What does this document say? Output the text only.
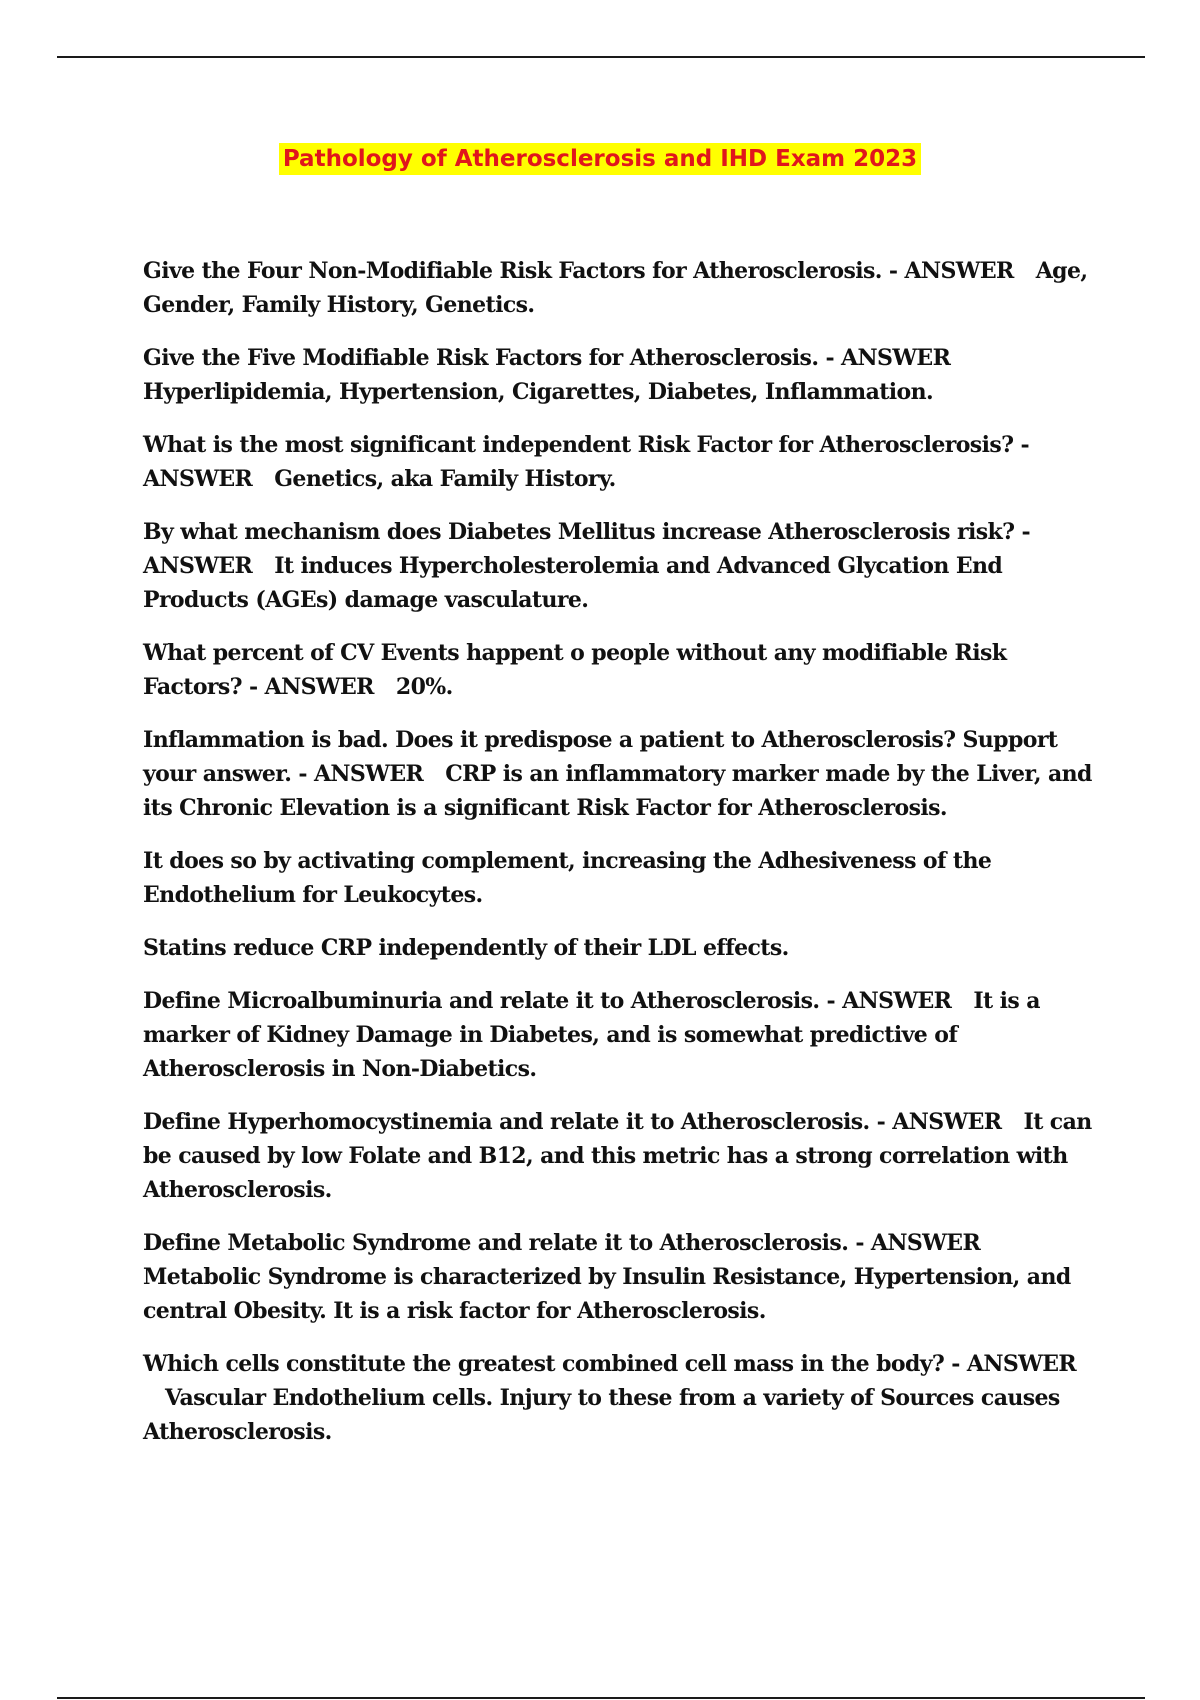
Pathology of Atherosclerosis and IHD Exam 2023

Give the Four Non-Modifiable Risk Factors for Atherosclerosis. - ANSWER Age, Gender, Family History, Genetics.

Give the Five Modifiable Risk Factors for Atherosclerosis. - ANSWERHyperlipidemia, Hypertension, Cigarettes, Diabetes, Inflammation.

What is the most significant independent Risk Factor for Atherosclerosis? - ANSWER Genetics, aka Family History.

By what mechanism does Diabetes Mellitus increase Atherosclerosis risk? - ANSWER It induces Hypercholesterolemia and Advanced Glycation End Products (AGEs) damage vasculature.

What percent of CV Events happent o people without any modifiable Risk Factors? - ANSWER 20%.

Inflammation is bad. Does it predispose a patient to Atherosclerosis? Support your answer. - ANSWER CRP is an inflammatory marker made by the Liver, and its Chronic Elevation is a significant Risk Factor for Atherosclerosis.

It does so by activating complement, increasing the Adhesiveness of the Endothelium for Leukocytes.

Statins reduce CRP independently of their LDL effects.

Define Microalbuminuria and relate it to Atherosclerosis. - ANSWER It is a marker of Kidney Damage in Diabetes, and is somewhat predictive of Atherosclerosis in Non-Diabetics.

Define Hyperhomocystinemia and relate it to Atherosclerosis. - ANSWER It can be caused by low Folate and B12, and this metric has a strong correlation with Atherosclerosis.

Define Metabolic Syndrome and relate it to Atherosclerosis. - ANSWERMetabolic Syndrome is characterized by Insulin Resistance, Hypertension, and central Obesity. It is a risk factor for Atherosclerosis.

Which cells constitute the greatest combined cell mass in the body? - ANSWERVascular Endothelium cells. Injury to these from a variety of Sources causes Atherosclerosis.
